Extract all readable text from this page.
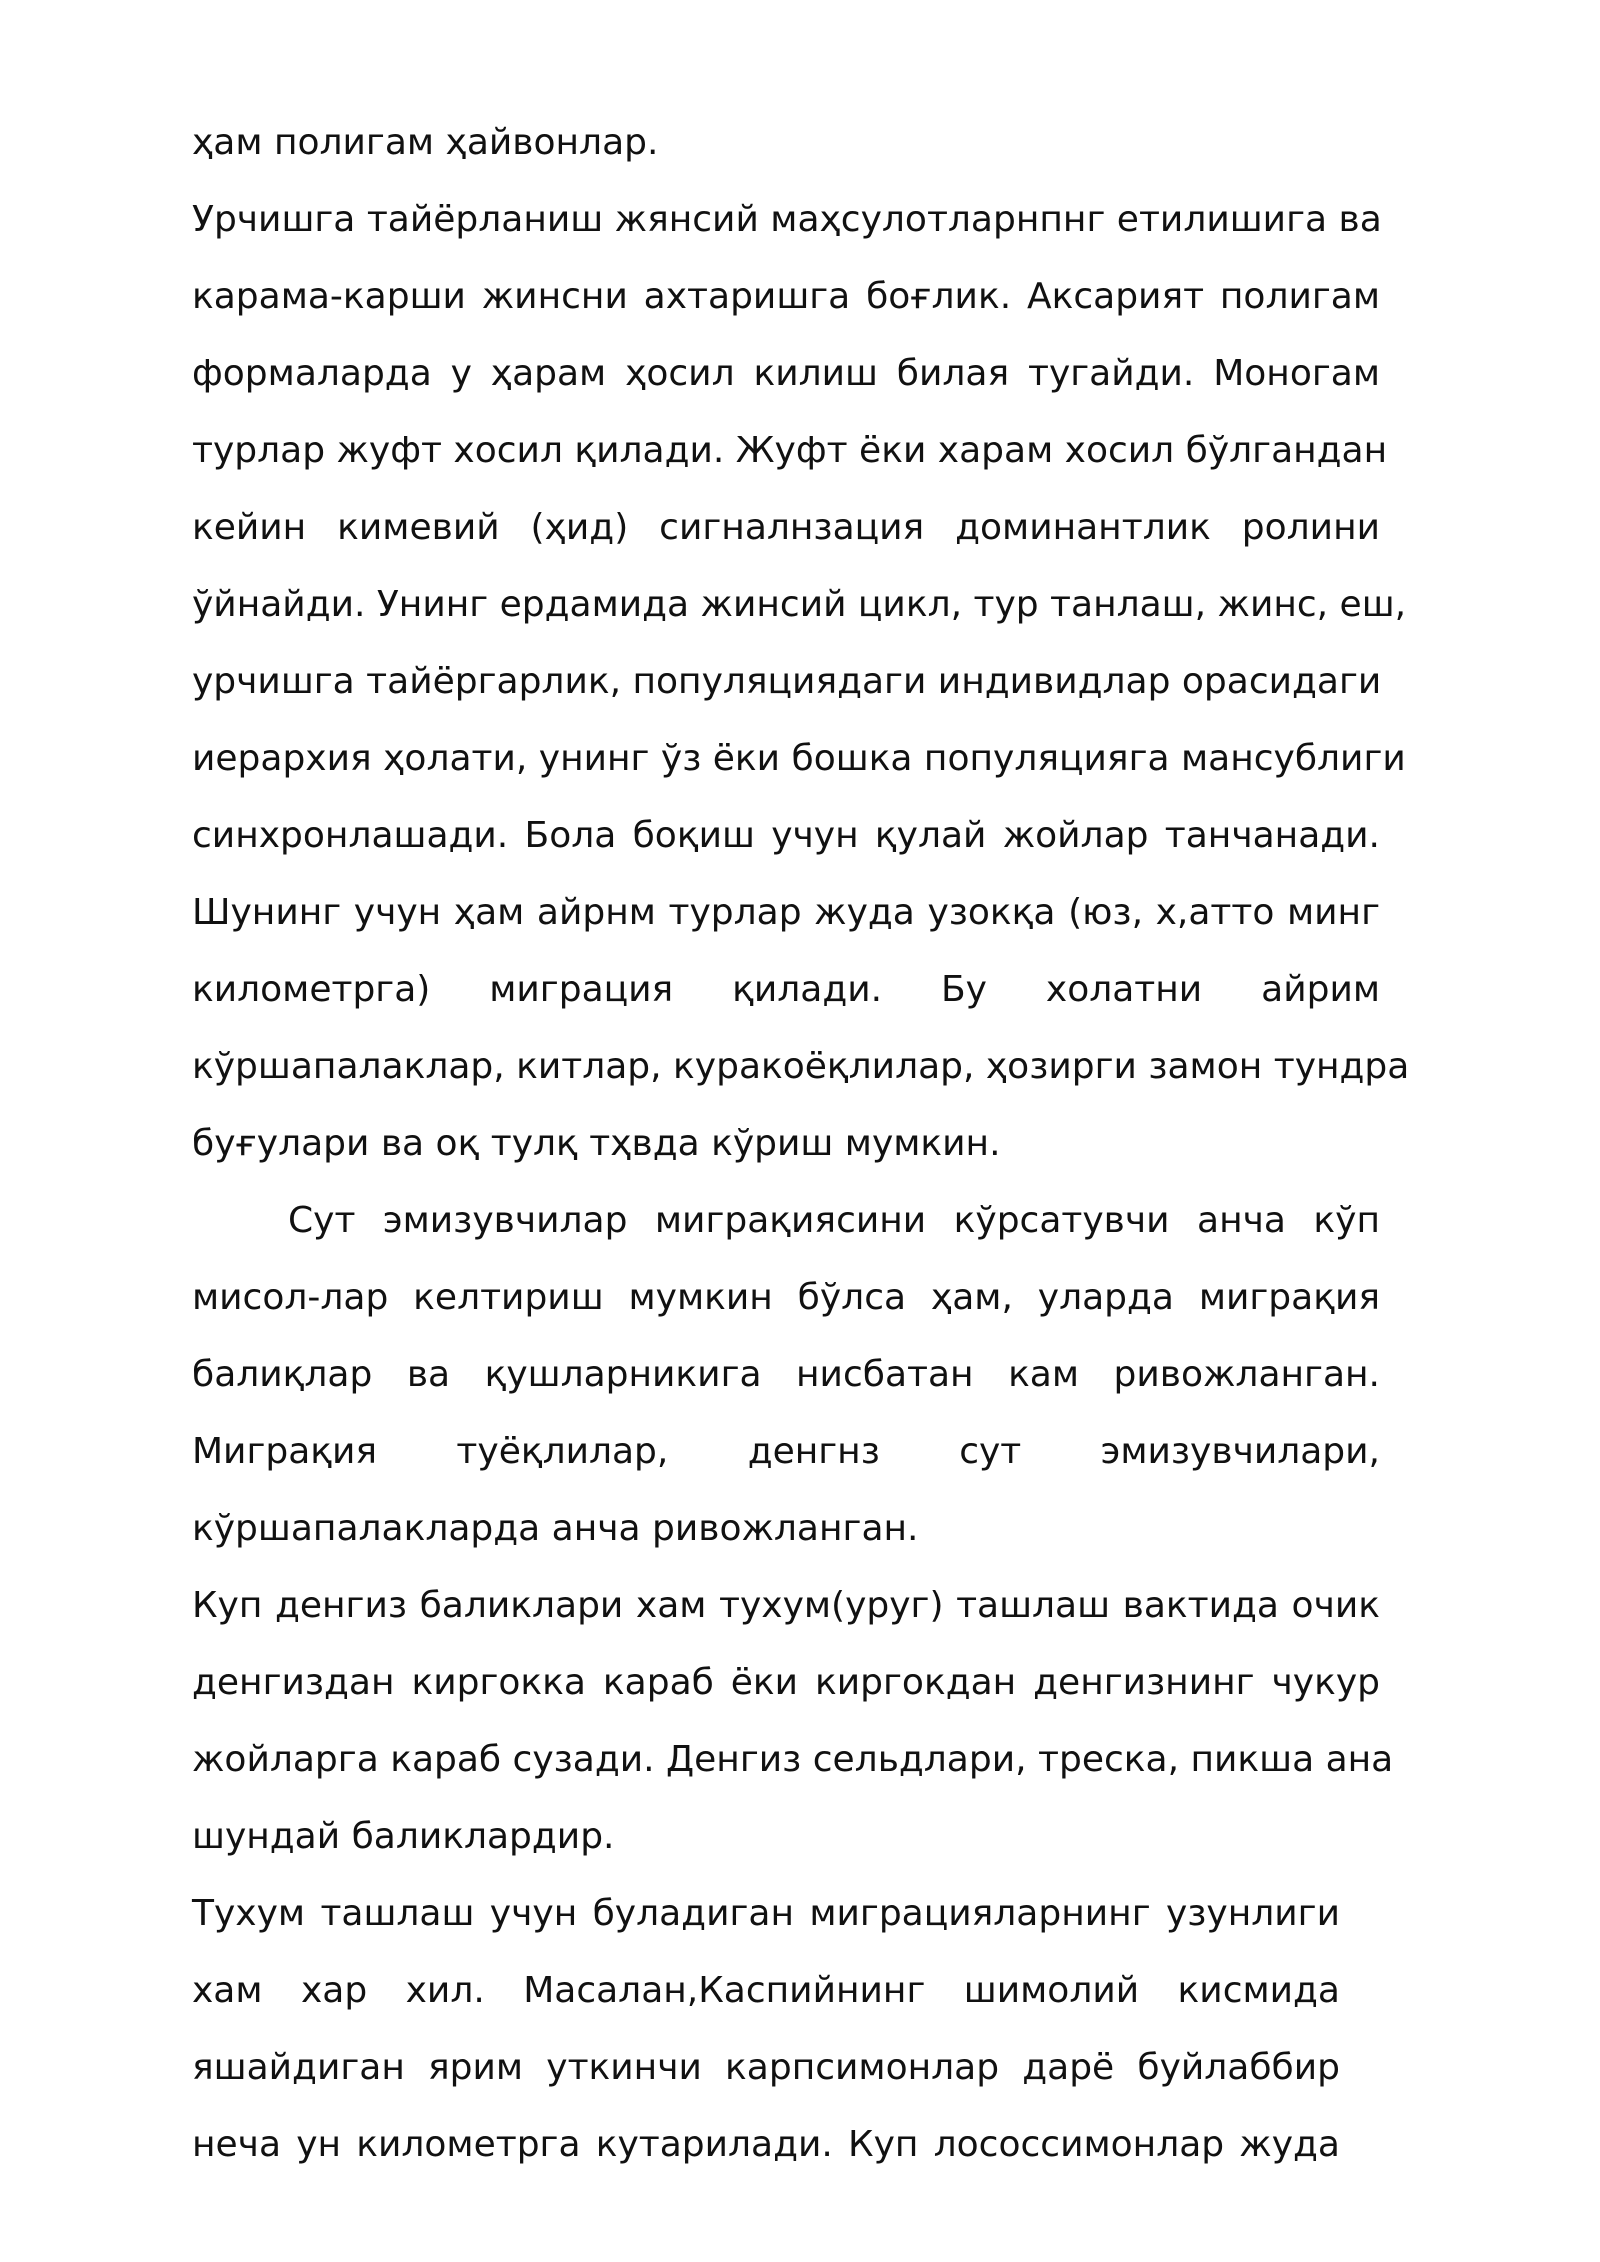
ҳам полигам ҳайвонлар.
Урчишга тайёрланиш жянсий маҳсулотларнпнг етилишига ва
карама-карши жинсни ахтаришга боғлик. Аксарият полигам
формаларда у ҳарам ҳосил килиш билая тугайди. Моногам
турлар жуфт хосил қилади. Жуфт ёки харам хосил бўлгандан
кейин кимевий (ҳид) сигналнзация доминантлик ролини
ўйнайди. Унинг ердамида жинсий цикл, тур танлаш, жинс, еш,
урчишга тайёргарлик, популяциядаги индивидлар орасидаги
иерархия ҳолати, унинг ўз ёки бошка популяцияга мансублиги
синхронлашади. Бола боқиш учун қулай жойлар танчанади.
Шунинг учун ҳам айрнм турлар жуда узокқа (юз, х,атто минг
километрга) миграция қилади. Бу холатни айрим
кўршапалаклар, китлар, куракоёқлилар, ҳозирги замон тундра
буғулари ва оқ тулқ тҳвда кўриш мумкин.
Сут эмизувчилар миграқиясини кўрсатувчи анча кўп
мисол-лар келтириш мумкин бўлса ҳам, уларда миграқия
балиқлар ва қушларникига нисбатан кам ривожланган.
Миграқия туёқлилар, денгнз сут эмизувчилари,
кўршапалакларда анча ривожланган.
Куп денгиз баликлари хам тухум(уруг) ташлаш вактида очик
денгиздан киргокка караб ёки киргокдан денгизнинг чукур
жойларга караб сузади. Денгиз сельдлари, треска, пикша ана
шундай баликлардир.
Тухум ташлаш учун буладиган миграцияларнинг узунлиги
хам хар хил. Масалан,Каспийнинг шимолий кисмида
яшайдиган ярим уткинчи карпсимонлар дарё буйлаббир
неча ун километрга кутарилади. Куп лососсимонлар жуда
